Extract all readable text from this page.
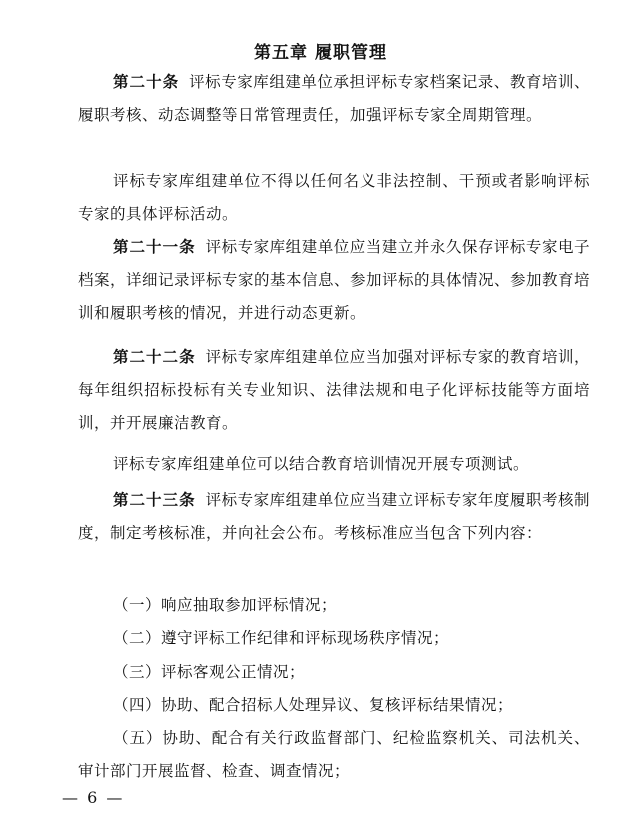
第五章 履职管理
第二十条 评标专家库组建单位承担评标专家档案记录、教育培训、履职考核、动态调整等日常管理责任，加强评标专家全周期管理。
评标专家库组建单位不得以任何名义非法控制、干预或者影响评标专家的具体评标活动。
第二十一条 评标专家库组建单位应当建立并永久保存评标专家电子档案，详细记录评标专家的基本信息、参加评标的具体情况、参加教育培训和履职考核的情况，并进行动态更新。
第二十二条 评标专家库组建单位应当加强对评标专家的教育培训，每年组织招标投标有关专业知识、法律法规和电子化评标技能等方面培训，并开展廉洁教育。
评标专家库组建单位可以结合教育培训情况开展专项测试。
第二十三条 评标专家库组建单位应当建立评标专家年度履职考核制度，制定考核标准，并向社会公布。考核标准应当包含下列内容：
（一）响应抽取参加评标情况；
（二）遵守评标工作纪律和评标现场秩序情况；
（三）评标客观公正情况；
（四）协助、配合招标人处理异议、复核评标结果情况；
（五）协助、配合有关行政监督部门、纪检监察机关、司法机关、审计部门开展监督、检查、调查情况；
— 6 —
